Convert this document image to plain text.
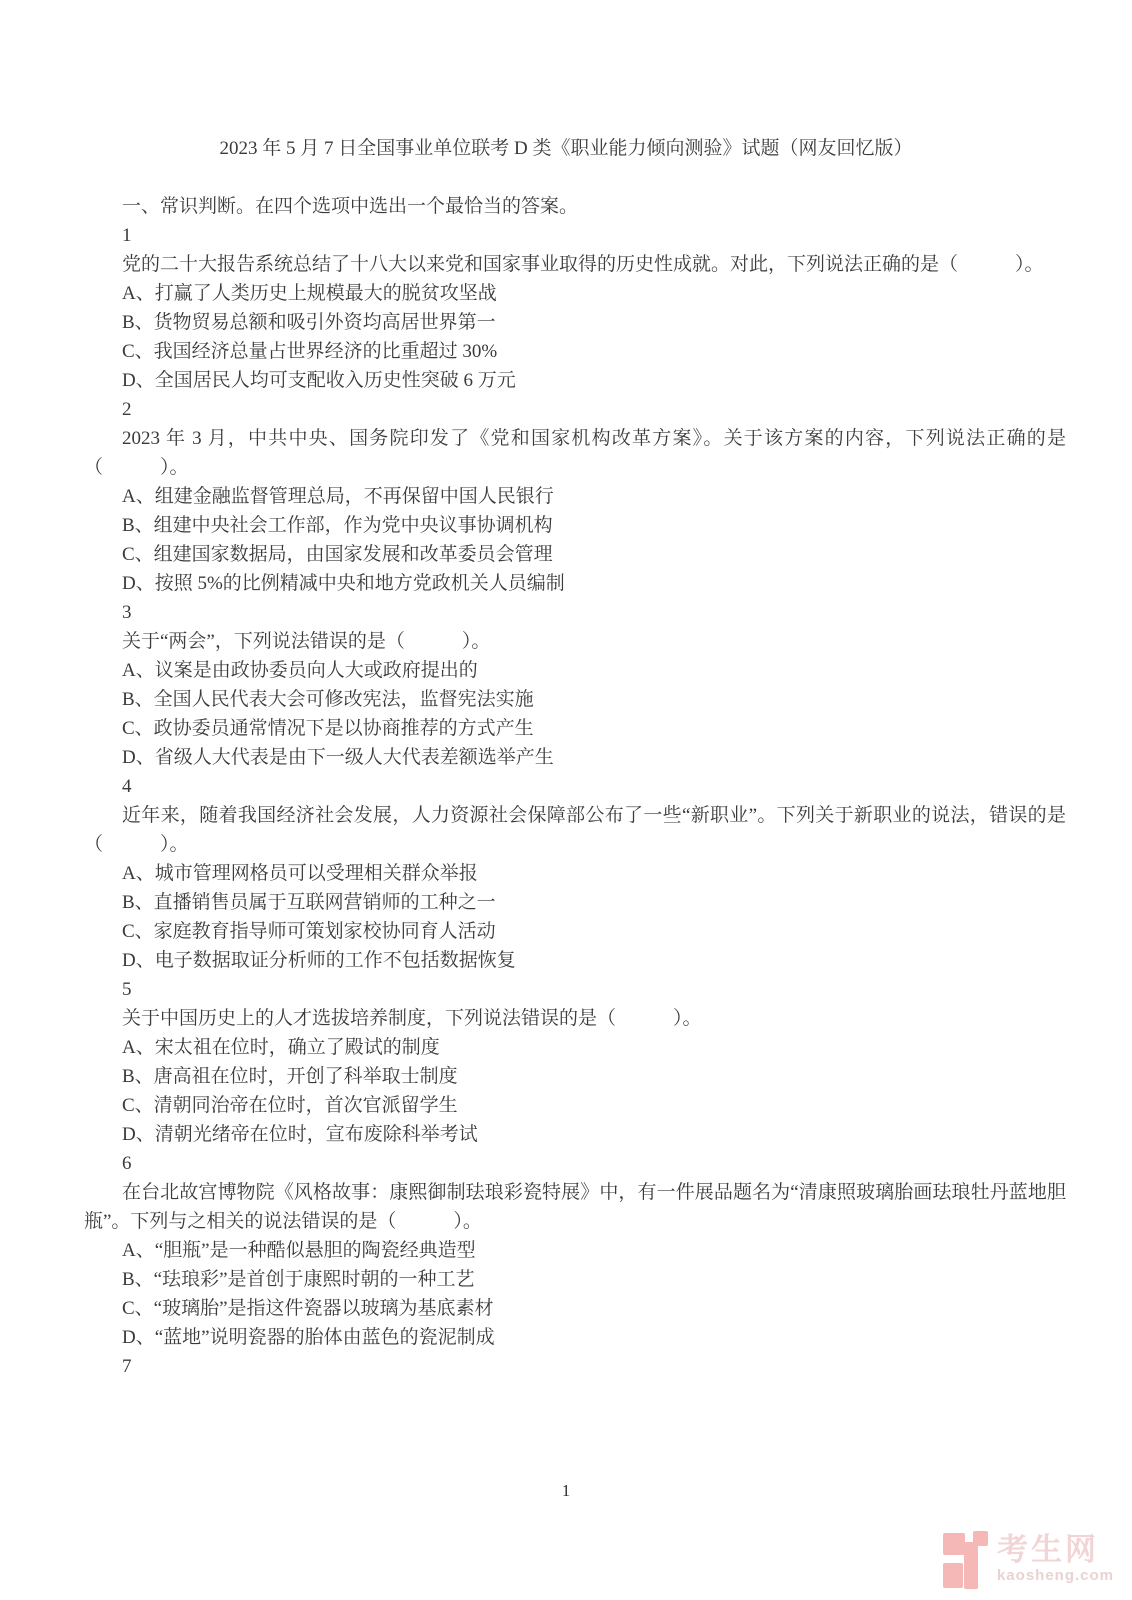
2023 年 5 月 7 日全国事业单位联考 D 类《职业能力倾向测验》试题（网友回忆版）

一、常识判断。在四个选项中选出一个最恰当的答案。

1

党的二十大报告系统总结了十八大以来党和国家事业取得的历史性成就。对此，下列说法正确的是（　　　）。

A、打赢了人类历史上规模最大的脱贫攻坚战

B、货物贸易总额和吸引外资均高居世界第一

C、我国经济总量占世界经济的比重超过 30%

D、全国居民人均可支配收入历史性突破 6 万元

2

2023 年 3 月，中共中央、国务院印发了《党和国家机构改革方案》。关于该方案的内容，下列说法正确的是（　　　）。

A、组建金融监督管理总局，不再保留中国人民银行

B、组建中央社会工作部，作为党中央议事协调机构

C、组建国家数据局，由国家发展和改革委员会管理

D、按照 5%的比例精减中央和地方党政机关人员编制

3

关于“两会”，下列说法错误的是（　　　）。

A、议案是由政协委员向人大或政府提出的

B、全国人民代表大会可修改宪法，监督宪法实施

C、政协委员通常情况下是以协商推荐的方式产生

D、省级人大代表是由下一级人大代表差额选举产生

4

近年来，随着我国经济社会发展，人力资源社会保障部公布了一些“新职业”。下列关于新职业的说法，错误的是（　　　）。

A、城市管理网格员可以受理相关群众举报

B、直播销售员属于互联网营销师的工种之一

C、家庭教育指导师可策划家校协同育人活动

D、电子数据取证分析师的工作不包括数据恢复

5

关于中国历史上的人才选拔培养制度，下列说法错误的是（　　　）。

A、宋太祖在位时，确立了殿试的制度

B、唐高祖在位时，开创了科举取士制度

C、清朝同治帝在位时，首次官派留学生

D、清朝光绪帝在位时，宣布废除科举考试

6

在台北故宫博物院《风格故事：康熙御制珐琅彩瓷特展》中，有一件展品题名为“清康照玻璃胎画珐琅牡丹蓝地胆瓶”。下列与之相关的说法错误的是（　　　）。

A、“胆瓶”是一种酷似悬胆的陶瓷经典造型

B、“珐琅彩”是首创于康熙时朝的一种工艺

C、“玻璃胎”是指这件瓷器以玻璃为基底素材

D、“蓝地”说明瓷器的胎体由蓝色的瓷泥制成

7

1
考生网
kaosheng.com
